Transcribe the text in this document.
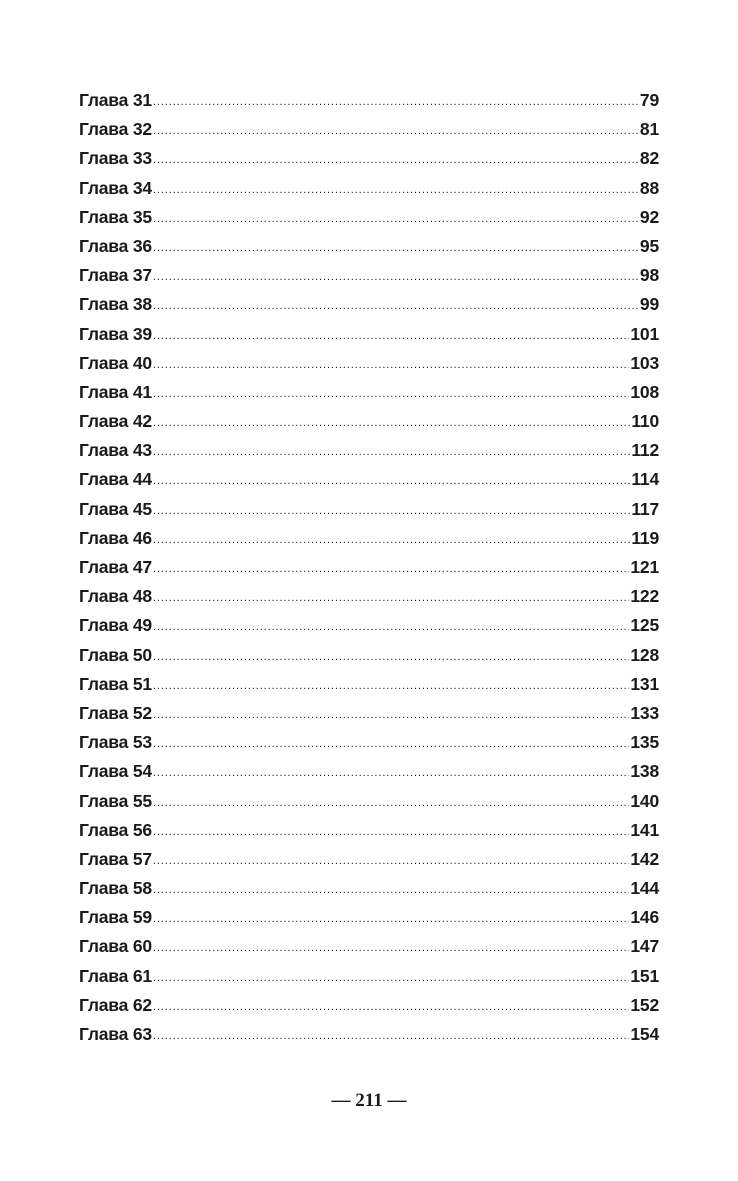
Глава 31 .....	79
Глава 32 .....	81
Глава 33 .....	82
Глава 34 .....	88
Глава 35 .....	92
Глава 36 .....	95
Глава 37 .....	98
Глава 38 .....	99
Глава 39 .....	101
Глава 40 .....	103
Глава 41 .....	108
Глава 42 .....	110
Глава 43 .....	112
Глава 44 .....	114
Глава 45 .....	117
Глава 46 .....	119
Глава 47 .....	121
Глава 48 .....	122
Глава 49 .....	125
Глава 50 .....	128
Глава 51 .....	131
Глава 52 .....	133
Глава 53 .....	135
Глава 54 .....	138
Глава 55 .....	140
Глава 56 .....	141
Глава 57 .....	142
Глава 58 .....	144
Глава 59 .....	146
Глава 60 .....	147
Глава 61 .....	151
Глава 62 .....	152
Глава 63 .....	154
— 211 —
